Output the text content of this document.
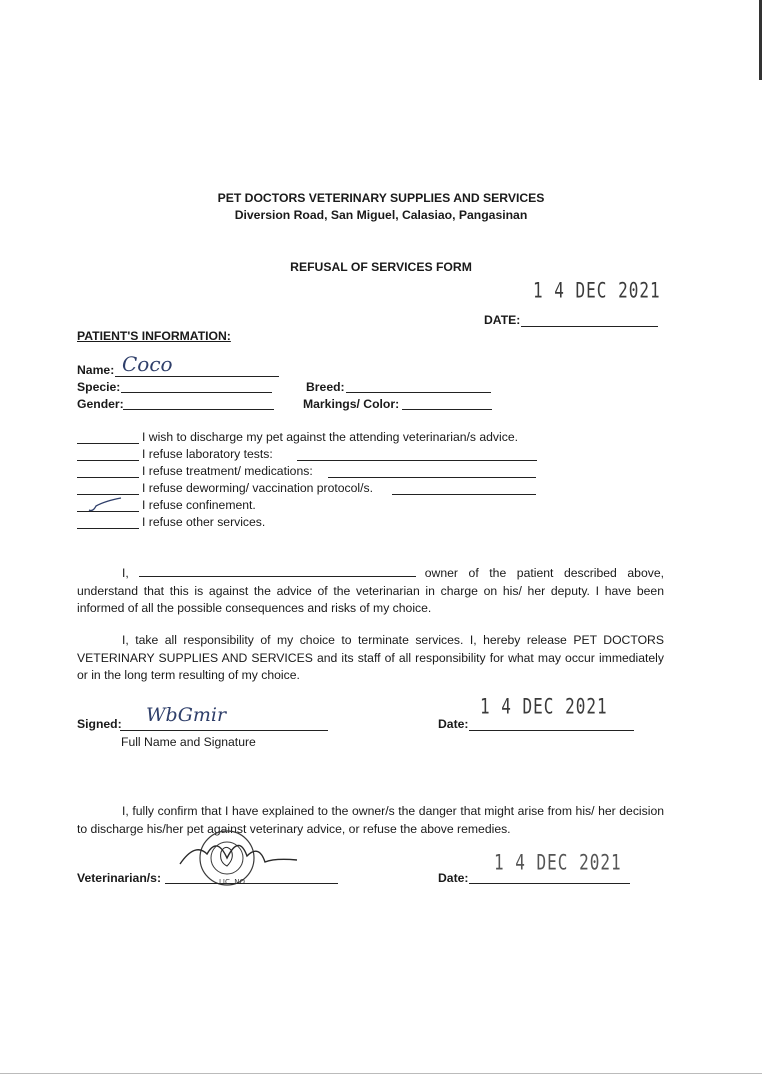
PET DOCTORS VETERINARY SUPPLIES AND SERVICES
Diversion Road, San Miguel, Calasiao, Pangasinan
REFUSAL OF SERVICES FORM
1 4 DEC 2021
DATE:
PATIENT'S INFORMATION:
Name: Coco
Specie:	Breed:
Gender:	Markings/ Color:
I wish to discharge my pet against the attending veterinarian/s advice.
I refuse laboratory tests:
I refuse treatment/ medications:
I refuse deworming/ vaccination protocol/s.
I refuse confinement.
I refuse other services.
I,	owner of the patient described above, understand that this is against the advice of the veterinarian in charge on his/ her deputy. I have been informed of all the possible consequences and risks of my choice.
I, take all responsibility of my choice to terminate services. I, hereby release PET DOCTORS VETERINARY SUPPLIES AND SERVICES and its staff of all responsibility for what may occur immediately or in the long term resulting of my choice.
Signed: WbGmir
Full Name and Signature
1 4 DEC 2021
Date:
I, fully confirm that I have explained to the owner/s the danger that might arise from his/ her decision to discharge his/her pet against veterinary advice, or refuse the above remedies.
LIC. NO.
Veterinarian/s:
1 4 DEC 2021
Date:
